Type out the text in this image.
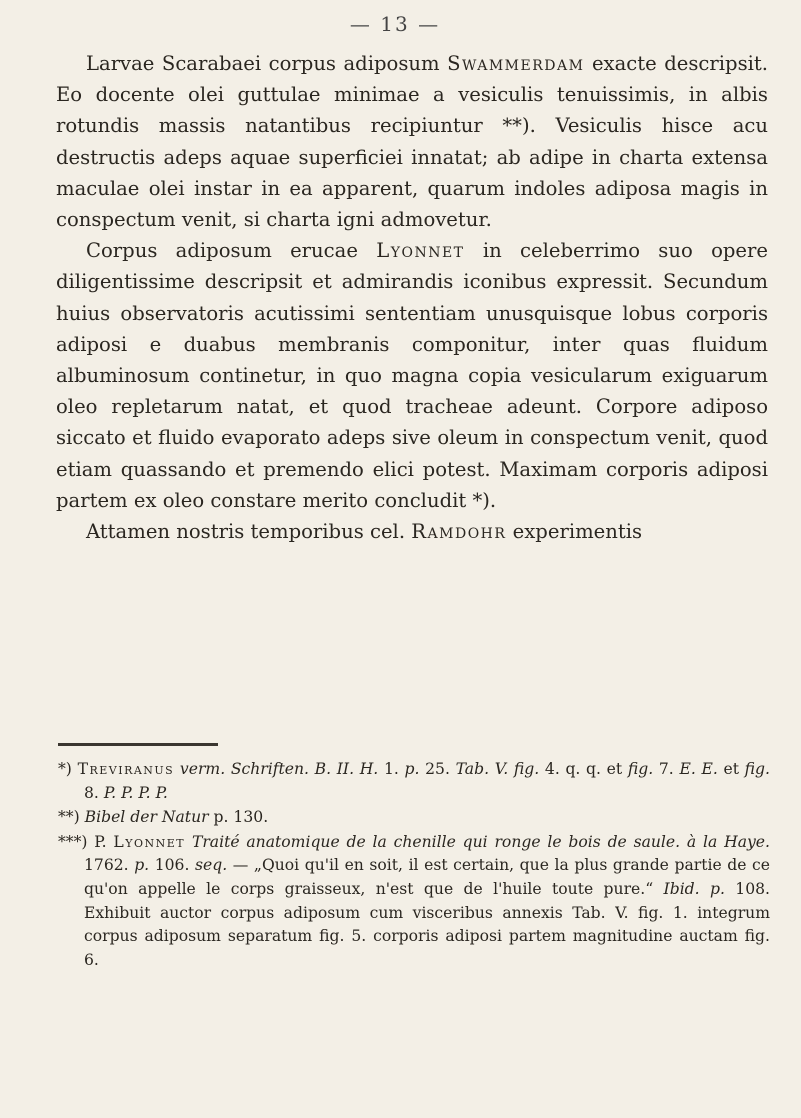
— 13 —

Larvae Scarabaei corpus adiposum Swammerdam exacte descripsit. Eo docente olei guttulae minimae a vesiculis tenuissimis, in albis rotundis massis natantibus recipiuntur **). Vesiculis hisce acu destructis adeps aquae superficiei innatat; ab adipe in charta extensa maculae olei instar in ea apparent, quarum indoles adiposa magis in conspectum venit, si charta igni admovetur.

Corpus adiposum erucae Lyonnet in celeberrimo suo opere diligentissime descripsit et admirandis iconibus expressit. Secundum huius observatoris acutissimi sententiam unusquisque lobus corporis adiposi e duabus membranis componitur, inter quas fluidum albuminosum continetur, in quo magna copia vesicularum exiguarum oleo repletarum natat, et quod tracheae adeunt. Corpore adiposo siccato et fluido evaporato adeps sive oleum in conspectum venit, quod etiam quassando et premendo elici potest. Maximam corporis adiposi partem ex oleo constare merito concludit *).

Attamen nostris temporibus cel. Ramdohr experimentis

*) Treviranus verm. Schriften. B. II. H. 1. p. 25. Tab. V. fig. 4. q. q. et fig. 7. E. E. et fig. 8. P. P. P. P.

**) Bibel der Natur p. 130.

***) P. Lyonnet Traité anatomique de la chenille qui ronge le bois de saule. à la Haye. 1762. p. 106. seq. — „Quoi qu'il en soit, il est certain, que la plus grande partie de ce qu'on appelle le corps graisseux, n'est que de l'huile toute pure.“ Ibid. p. 108. Exhibuit auctor corpus adiposum cum visceribus annexis Tab. V. fig. 1. integrum corpus adiposum separatum fig. 5. corporis adiposi partem magnitudine auctam fig. 6.
